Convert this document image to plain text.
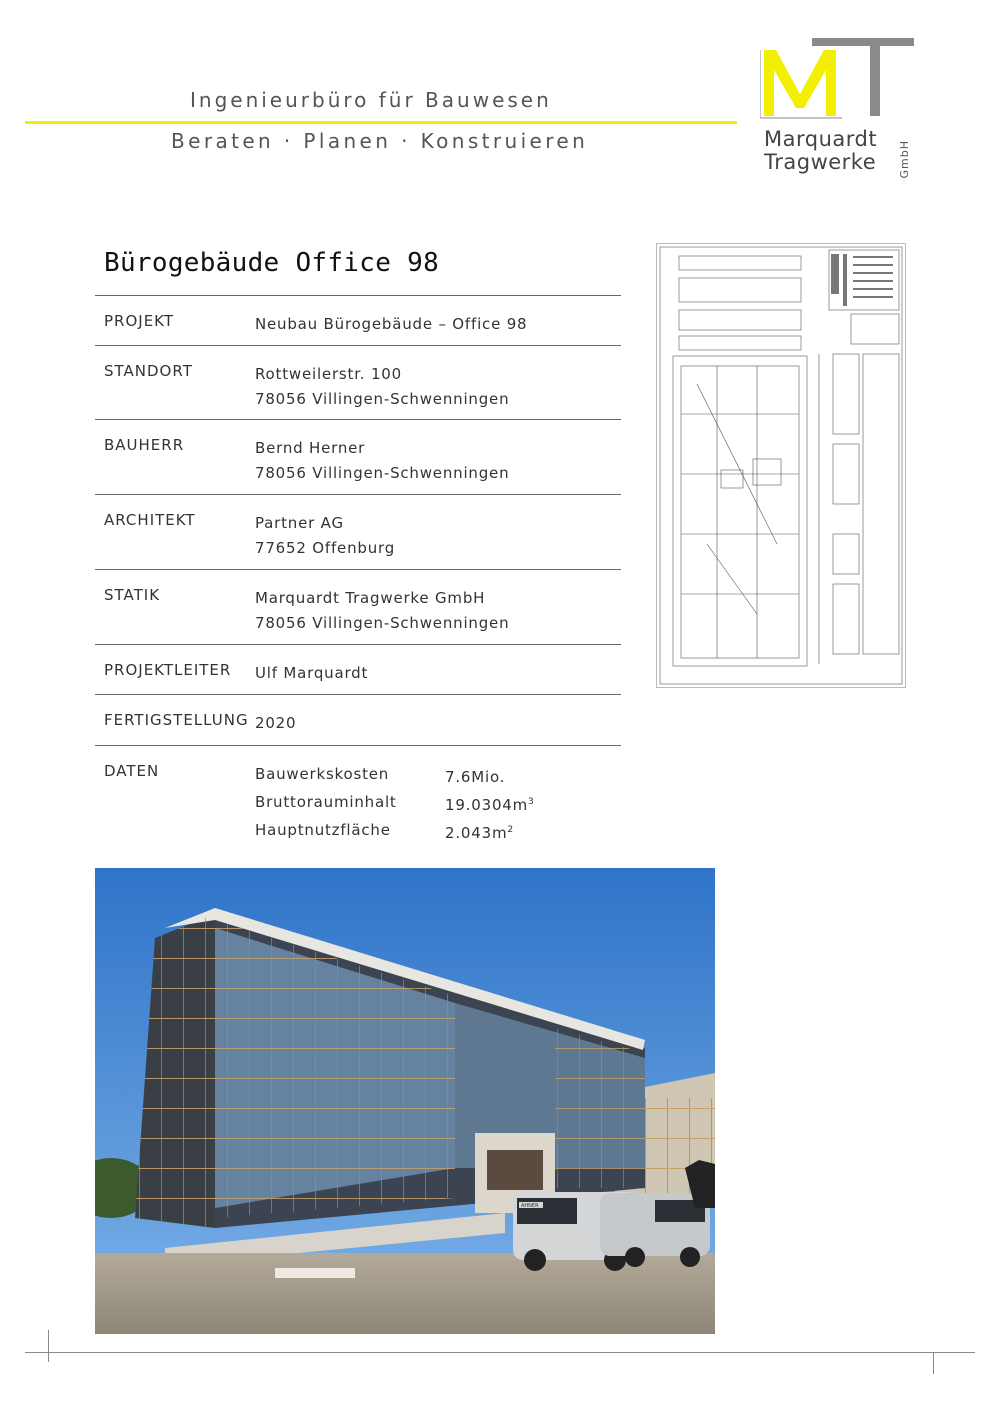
Ingenieurbüro für Bauwesen
Beraten · Planen · Konstruieren	Marquardt
Tragwerke GmbH
Bürogebäude Office 98
PROJEKT	Neubau Bürogebäude – Office 98
STANDORT	Rottweilerstr. 100
78056 Villingen-Schwenningen
BAUHERR	Bernd Herner
78056 Villingen-Schwenningen
ARCHITEKT	Partner AG
77652 Offenburg
STATIK	Marquardt Tragwerke GmbH
78056 Villingen-Schwenningen
PROJEKTLEITER Ulf Marquardt
FERTIGSTELLUNG 2020
DATEN	Bauwerkskosten	7.6Mio.
Bruttorauminhalt	$19.0304m^3$
Hauptnutzfläche	$2.043m^2$
AHNER
